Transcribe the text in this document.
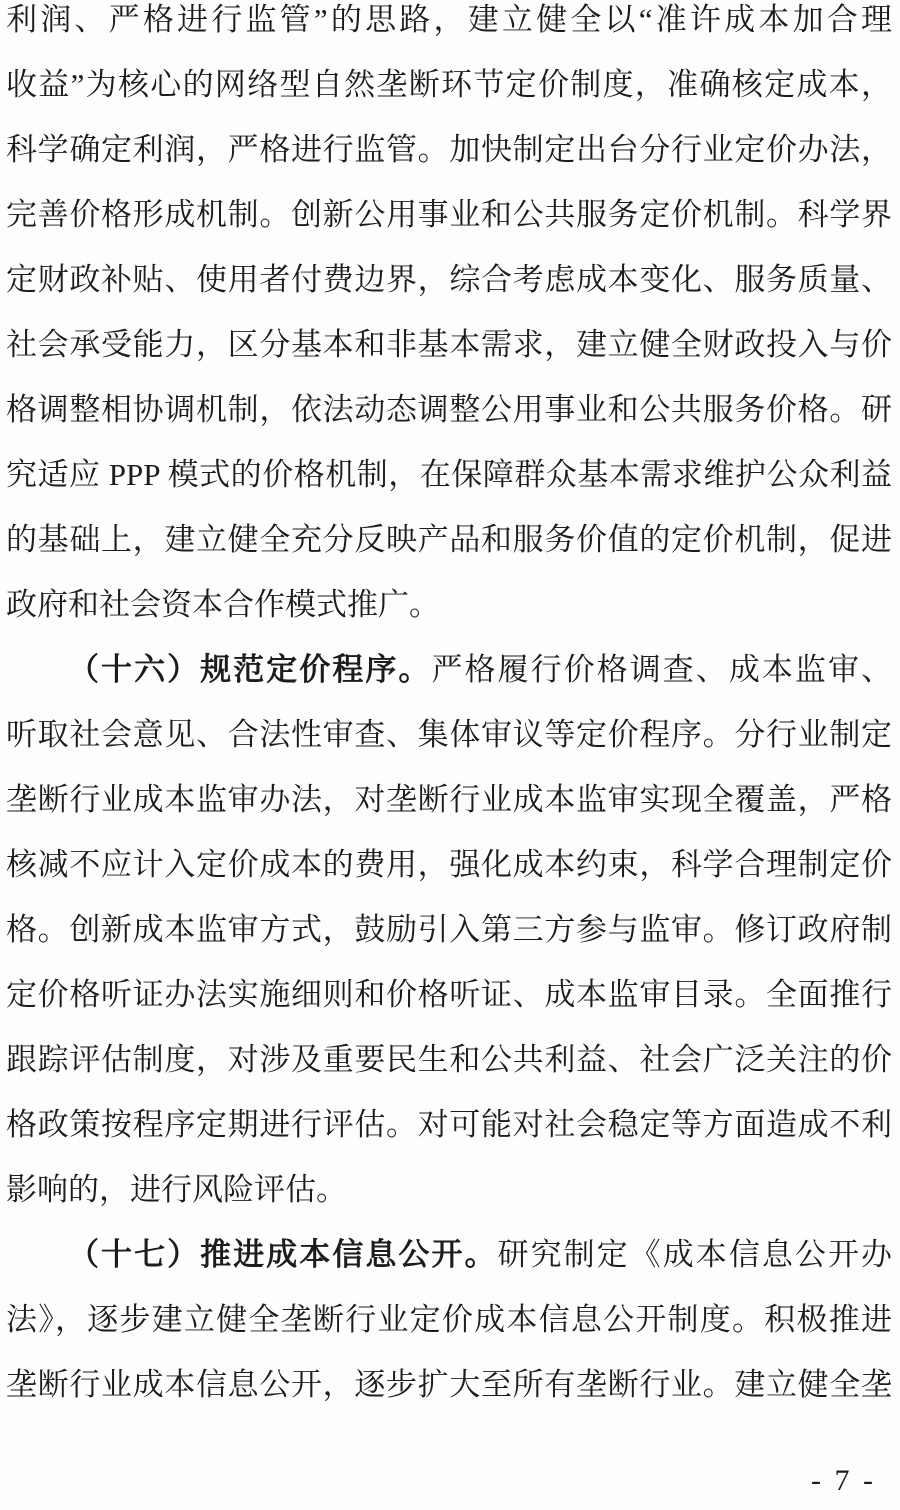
利润、严格进行监管”的思路，建立健全以“准许成本加合理
收益”为核心的网络型自然垄断环节定价制度，准确核定成本，
科学确定利润，严格进行监管。加快制定出台分行业定价办法，
完善价格形成机制。创新公用事业和公共服务定价机制。科学界
定财政补贴、使用者付费边界，综合考虑成本变化、服务质量、
社会承受能力，区分基本和非基本需求，建立健全财政投入与价
格调整相协调机制，依法动态调整公用事业和公共服务价格。研
究适应 PPP 模式的价格机制，在保障群众基本需求维护公众利益
的基础上，建立健全充分反映产品和服务价值的定价机制，促进
政府和社会资本合作模式推广。
（十六）规范定价程序。严格履行价格调查、成本监审、
听取社会意见、合法性审查、集体审议等定价程序。分行业制定
垄断行业成本监审办法，对垄断行业成本监审实现全覆盖，严格
核减不应计入定价成本的费用，强化成本约束，科学合理制定价
格。创新成本监审方式，鼓励引入第三方参与监审。修订政府制
定价格听证办法实施细则和价格听证、成本监审目录。全面推行
跟踪评估制度，对涉及重要民生和公共利益、社会广泛关注的价
格政策按程序定期进行评估。对可能对社会稳定等方面造成不利
影响的，进行风险评估。
（十七）推进成本信息公开。研究制定《成本信息公开办
法》，逐步建立健全垄断行业定价成本信息公开制度。积极推进
垄断行业成本信息公开，逐步扩大至所有垄断行业。建立健全垄
- 7 -
